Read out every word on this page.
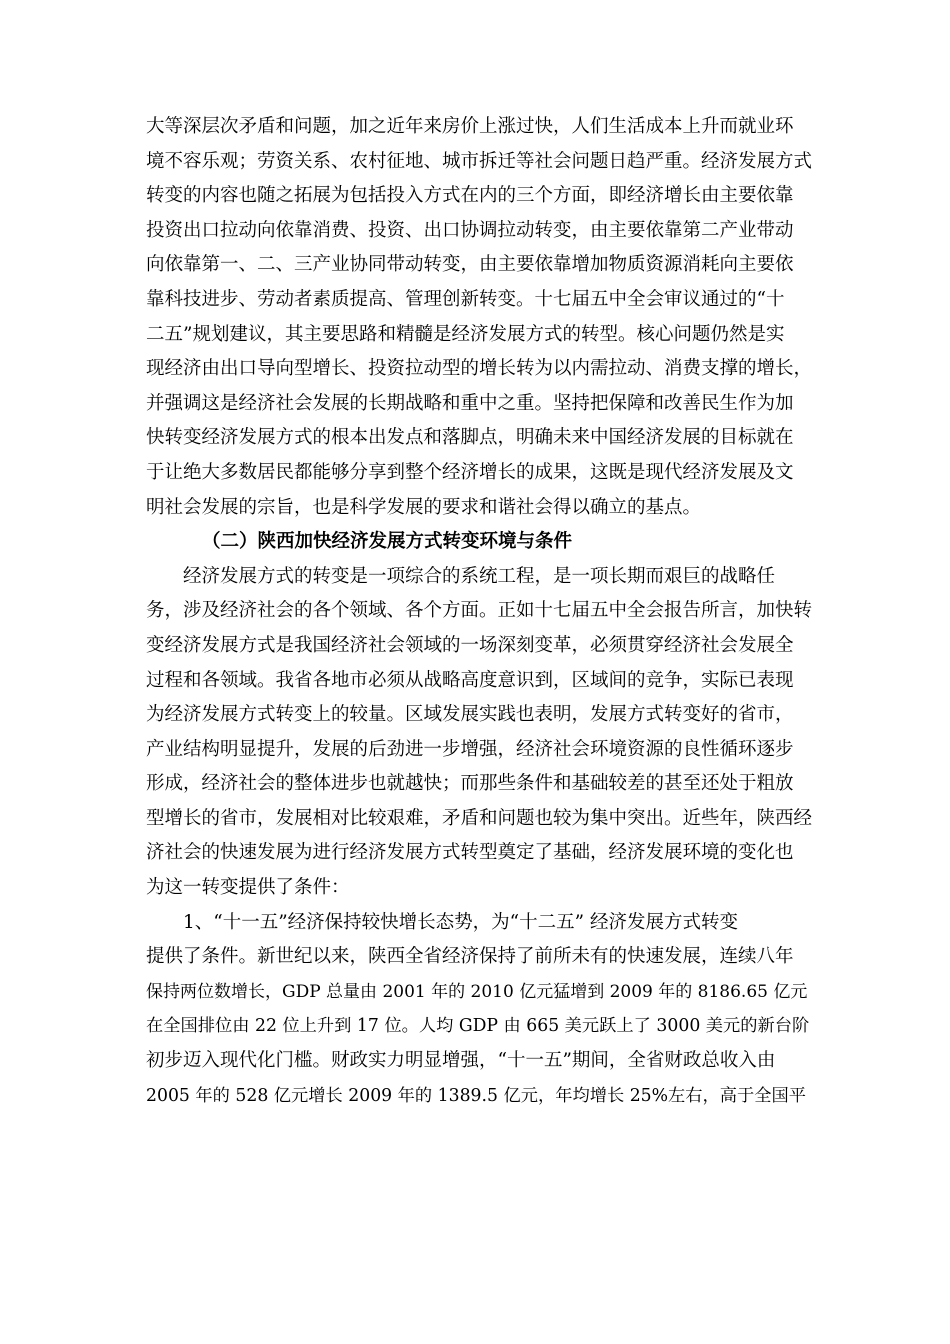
大等深层次矛盾和问题，加之近年来房价上涨过快，人们生活成本上升而就业环
境不容乐观；劳资关系、农村征地、城市拆迁等社会问题日趋严重。经济发展方式
转变的内容也随之拓展为包括投入方式在内的三个方面，即经济增长由主要依靠
投资出口拉动向依靠消费、投资、出口协调拉动转变，由主要依靠第二产业带动
向依靠第一、二、三产业协同带动转变，由主要依靠增加物质资源消耗向主要依
靠科技进步、劳动者素质提高、管理创新转变。十七届五中全会审议通过的“十
二五”规划建议，其主要思路和精髓是经济发展方式的转型。核心问题仍然是实
现经济由出口导向型增长、投资拉动型的增长转为以内需拉动、消费支撑的增长，
并强调这是经济社会发展的长期战略和重中之重。坚持把保障和改善民生作为加
快转变经济发展方式的根本出发点和落脚点，明确未来中国经济发展的目标就在
于让绝大多数居民都能够分享到整个经济增长的成果，这既是现代经济发展及文
明社会发展的宗旨，也是科学发展的要求和谐社会得以确立的基点。
（二）陕西加快经济发展方式转变环境与条件
经济发展方式的转变是一项综合的系统工程，是一项长期而艰巨的战略任
务，涉及经济社会的各个领域、各个方面。正如十七届五中全会报告所言，加快转
变经济发展方式是我国经济社会领域的一场深刻变革，必须贯穿经济社会发展全
过程和各领域。我省各地市必须从战略高度意识到，区域间的竞争，实际已表现
为经济发展方式转变上的较量。区域发展实践也表明，发展方式转变好的省市，
产业结构明显提升，发展的后劲进一步增强，经济社会环境资源的良性循环逐步
形成，经济社会的整体进步也就越快；而那些条件和基础较差的甚至还处于粗放
型增长的省市，发展相对比较艰难，矛盾和问题也较为集中突出。近些年，陕西经
济社会的快速发展为进行经济发展方式转型奠定了基础，经济发展环境的变化也
为这一转变提供了条件：
1、“十一五”经济保持较快增长态势，为“十二五” 经济发展方式转变
提供了条件。新世纪以来，陕西全省经济保持了前所未有的快速发展，连续八年
保持两位数增长，GDP 总量由 2001 年的 2010 亿元猛增到 2009 年的 8186.65 亿元
在全国排位由 22 位上升到 17 位。人均 GDP 由 665 美元跃上了 3000 美元的新台阶
初步迈入现代化门槛。财政实力明显增强，“十一五”期间，全省财政总收入由
2005 年的 528 亿元增长 2009 年的 1389.5 亿元，年均增长 25%左右，高于全国平
